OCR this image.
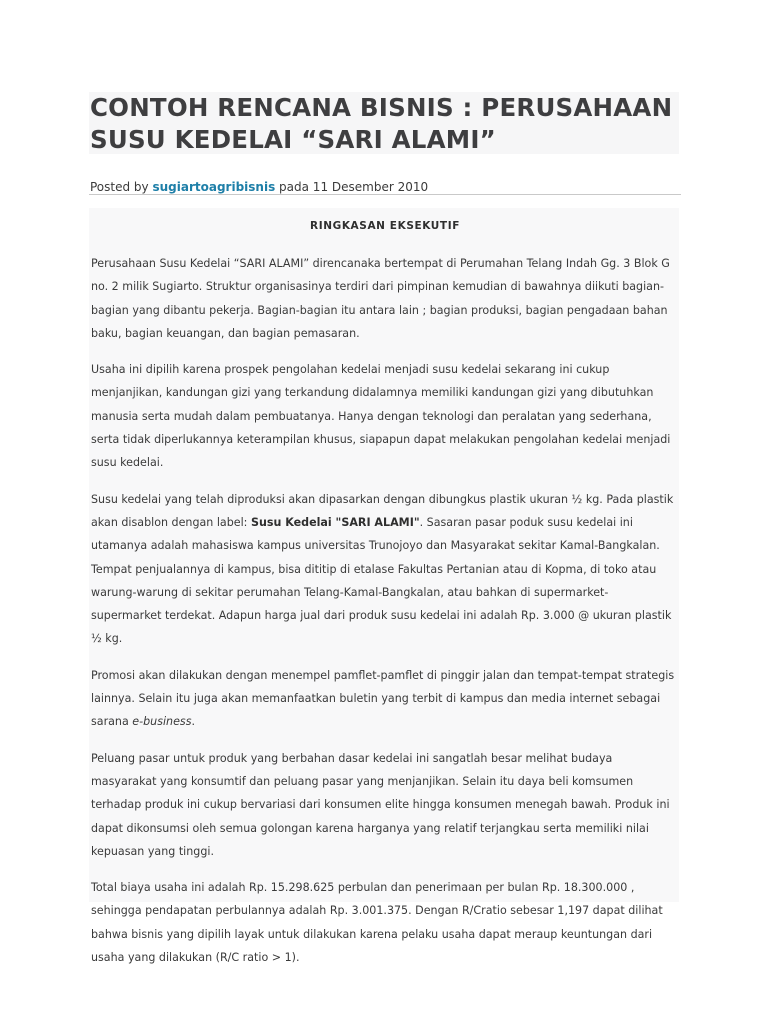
CONTOH RENCANA BISNIS : PERUSAHAAN
SUSU KEDELAI “SARI ALAMI”
Posted by sugiartoagribisnis pada 11 Desember 2010

RINGKASAN EKSEKUTIF

Perusahaan Susu Kedelai “SARI ALAMI” direncanaka bertempat di Perumahan Telang Indah Gg. 3 Blok G no. 2 milik Sugiarto. Struktur organisasinya terdiri dari pimpinan kemudian di bawahnya diikuti bagian-bagian yang dibantu pekerja. Bagian-bagian itu antara lain ; bagian produksi, bagian pengadaan bahan baku, bagian keuangan, dan bagian pemasaran.

Usaha ini dipilih karena prospek pengolahan kedelai menjadi susu kedelai sekarang ini cukup menjanjikan, kandungan gizi yang terkandung didalamnya memiliki kandungan gizi yang dibutuhkan manusia serta mudah dalam pembuatanya. Hanya dengan teknologi dan peralatan yang sederhana, serta tidak diperlukannya keterampilan khusus, siapapun dapat melakukan pengolahan kedelai menjadi susu kedelai.

Susu kedelai yang telah diproduksi akan dipasarkan dengan dibungkus plastik ukuran ½ kg. Pada plastik akan disablon dengan label: Susu Kedelai "SARI ALAMI". Sasaran pasar poduk susu kedelai ini utamanya adalah mahasiswa kampus universitas Trunojoyo dan Masyarakat sekitar Kamal-Bangkalan. Tempat penjualannya di kampus, bisa dititip di etalase Fakultas Pertanian atau di Kopma, di toko atau warung-warung di sekitar perumahan Telang-Kamal-Bangkalan, atau bahkan di supermarket- supermarket terdekat. Adapun harga jual dari produk susu kedelai ini adalah Rp. 3.000 @ ukuran plastik ½ kg.

Promosi akan dilakukan dengan menempel pamflet-pamflet di pinggir jalan dan tempat-tempat strategis lainnya. Selain itu juga akan memanfaatkan buletin yang terbit di kampus dan media internet sebagai sarana e-business.

Peluang pasar untuk produk yang berbahan dasar kedelai ini sangatlah besar melihat budaya masyarakat yang konsumtif dan peluang pasar yang menjanjikan. Selain itu daya beli komsumen terhadap produk ini cukup bervariasi dari konsumen elite hingga konsumen menegah bawah. Produk ini dapat dikonsumsi oleh semua golongan karena harganya yang relatif terjangkau serta memiliki nilai kepuasan yang tinggi.

Total biaya usaha ini adalah Rp. 15.298.625 perbulan dan penerimaan per bulan Rp. 18.300.000 , sehingga pendapatan perbulannya adalah Rp. 3.001.375. Dengan R/Cratio sebesar 1,197 dapat dilihat bahwa bisnis yang dipilih layak untuk dilakukan karena pelaku usaha dapat meraup keuntungan dari usaha yang dilakukan (R/C ratio > 1).
